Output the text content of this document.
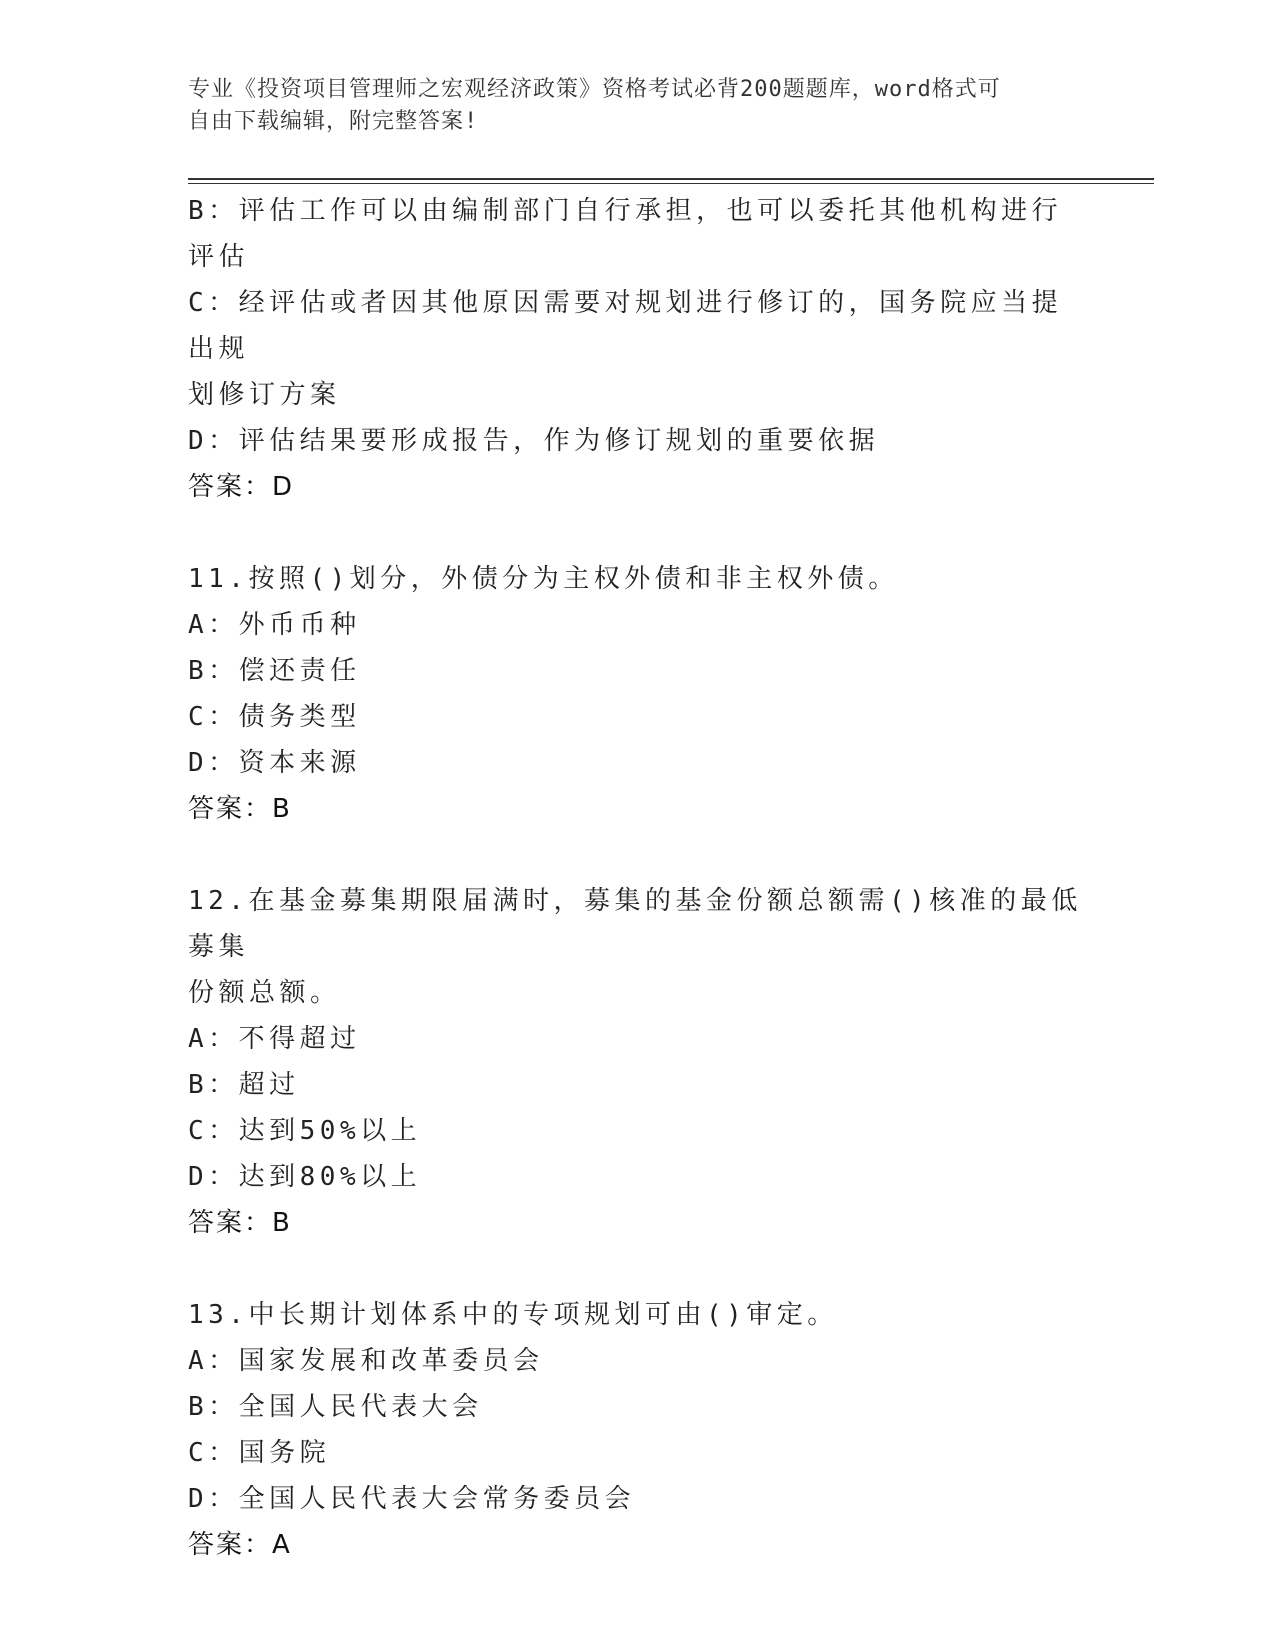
专业《投资项目管理师之宏观经济政策》资格考试必背200题题库，word格式可
自由下载编辑，附完整答案!
B：评估工作可以由编制部门自行承担，也可以委托其他机构进行评估
C：经评估或者因其他原因需要对规划进行修订的，国务院应当提出规
划修订方案
D：评估结果要形成报告，作为修订规划的重要依据
答案：D
11.按照()划分，外债分为主权外债和非主权外债。
A：外币币种
B：偿还责任
C：债务类型
D：资本来源
答案：B
12.在基金募集期限届满时，募集的基金份额总额需()核准的最低募集
份额总额。
A：不得超过
B：超过
C：达到50%以上
D：达到80%以上
答案：B
13.中长期计划体系中的专项规划可由()审定。
A：国家发展和改革委员会
B：全国人民代表大会
C：国务院
D：全国人民代表大会常务委员会
答案：A
